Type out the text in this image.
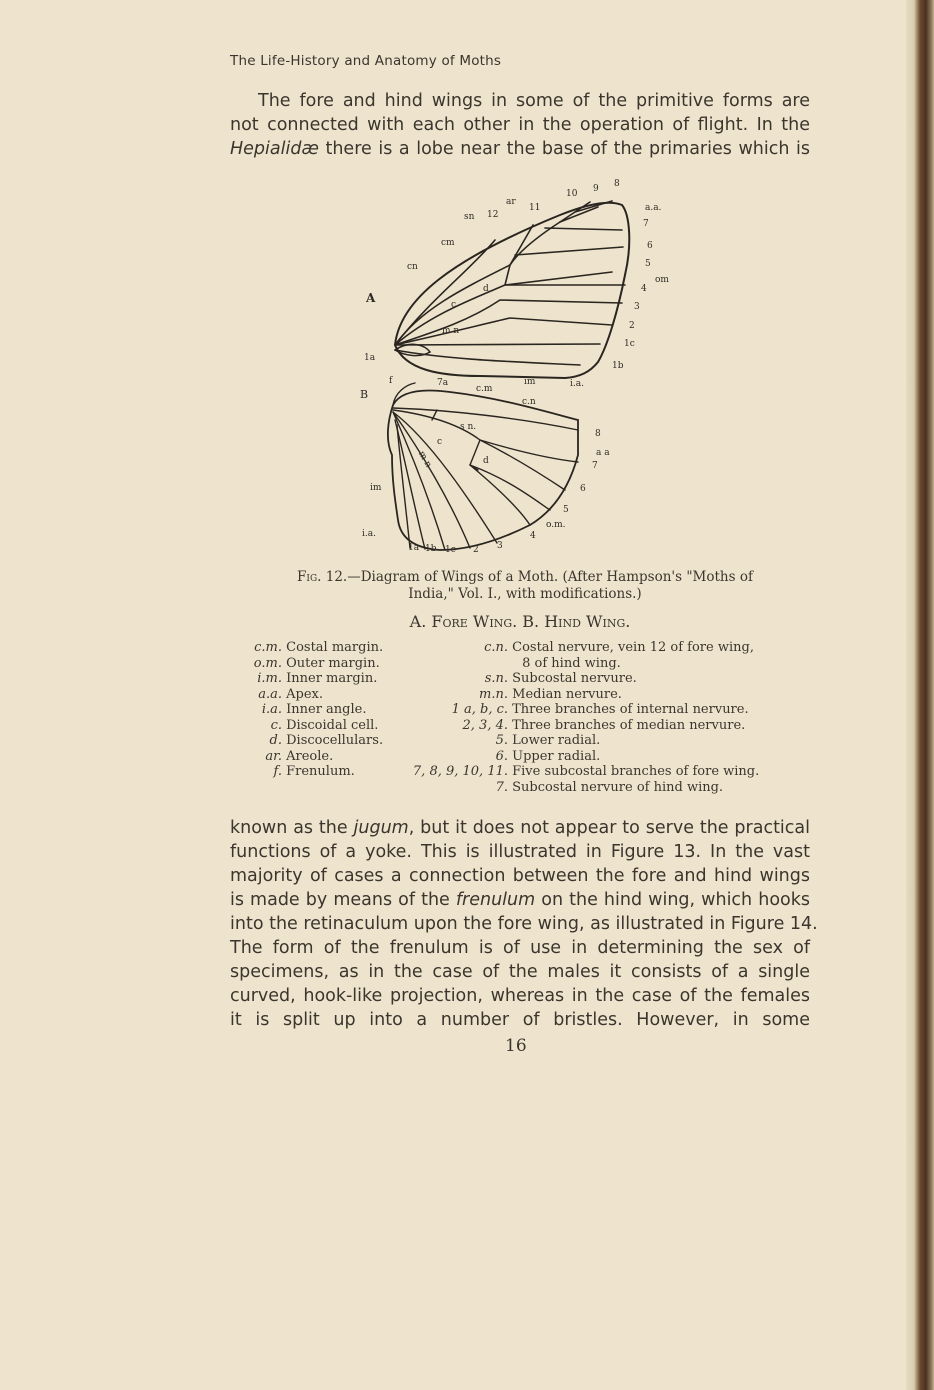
The Life-History and Anatomy of Moths
The fore and hind wings in some of the primitive forms are
not connected with each other in the operation of flight. In the
Hepialidæ there is a lobe near the base of the primaries which is
10 9 8
ar
11
sn 12
cm
cn
a.a.
7
6
5
om
4
3
2
1c
1b
A
d
c
m n
1a
i.a.
im
c.m
7a
f
B
c.n
s n.
c
d
m n
8
a a
7
6
5
o.m.
4
3
2
1c
1b
1a
i.a.
im
Fig. 12.—Diagram of Wings of a Moth. (After Hampson's "Moths of
India," Vol. I., with modifications.)
A. Fore Wing. B. Hind Wing.
c.m. Costal margin.
o.m. Outer margin.
i.m. Inner margin.
a.a. Apex.
i.a. Inner angle.
c. Discoidal cell.
d. Discocellulars.
ar. Areole.
f. Frenulum.
c.n. Costal nervure, vein 12 of fore wing,
8 of hind wing.
s.n. Subcostal nervure.
m.n. Median nervure.
1 a, b, c. Three branches of internal nervure.
2, 3, 4. Three branches of median nervure.
5. Lower radial.
6. Upper radial.
7, 8, 9, 10, 11. Five subcostal branches of fore wing.
7. Subcostal nervure of hind wing.
known as the jugum, but it does not appear to serve the practical
functions of a yoke. This is illustrated in Figure 13. In the vast
majority of cases a connection between the fore and hind wings
is made by means of the frenulum on the hind wing, which hooks
into the retinaculum upon the fore wing, as illustrated in Figure 14.
The form of the frenulum is of use in determining the sex of
specimens, as in the case of the males it consists of a single
curved, hook-like projection, whereas in the case of the females
it is split up into a number of bristles. However, in some
16
